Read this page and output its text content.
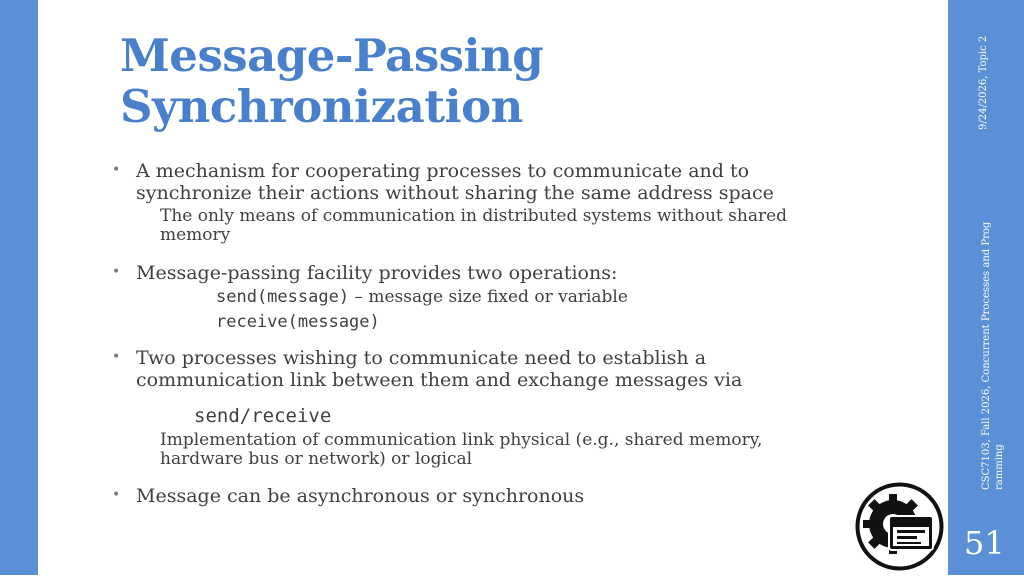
Message-Passing
Synchronization
• A mechanism for cooperating processes to communicate and to
synchronize their actions without sharing the same address space
The only means of communication in distributed systems without shared
memory
• Message-passing facility provides two operations:
send(message) – message size fixed or variable
receive(message)
• Two processes wishing to communicate need to establish a
communication link between them and exchange messages via
send/receive
Implementation of communication link physical (e.g., shared memory,
hardware bus or network) or logical
• Message can be asynchronous or synchronous
9/24/2026, Topic 2
CSC7103, Fall 2026, Concurrent Processes and Prog ramming
51
